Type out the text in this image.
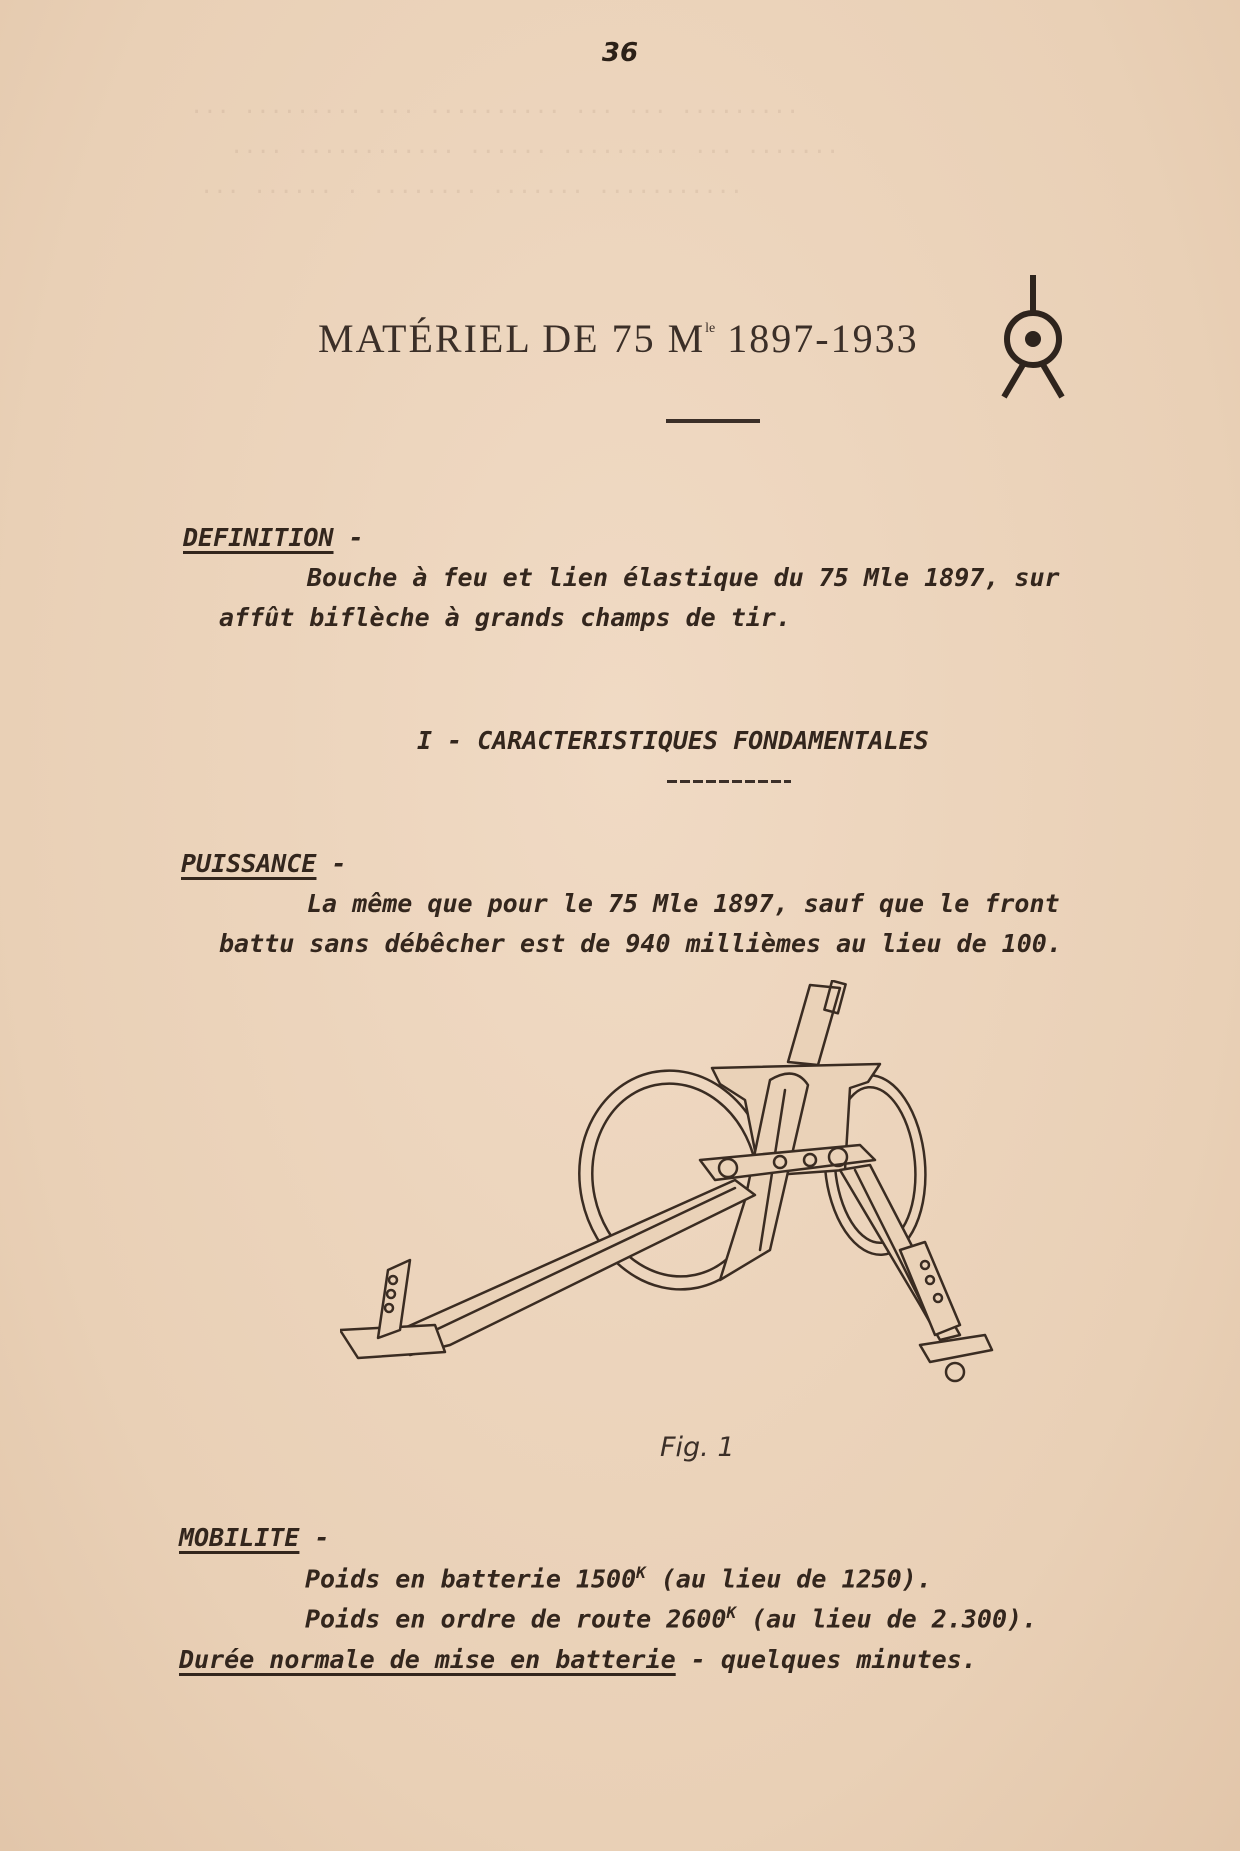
··· ········· ··· ·········· ··· ··· ·········
···· ············ ······ ········· ··· ·······
··· ······ · ········ ······· ···········
36
MATÉRIEL DE 75 $M^{le}$ 1897-1933
DEFINITION -
Bouche à feu et lien élastique du 75 Mle 1897, sur
affût biflèche à grands champs de tir.
I - CARACTERISTIQUES FONDAMENTALES
PUISSANCE -
La même que pour le 75 Mle 1897, sauf que le front
battu sans débêcher est de 940 millièmes au lieu de 100.
Fig. 1
MOBILITE -
Poids en batterie $1500^K$ (au lieu de 1250).
Poids en ordre de route $2600^K$ (au lieu de 2.300).
Durée normale de mise en batterie - quelques minutes.
